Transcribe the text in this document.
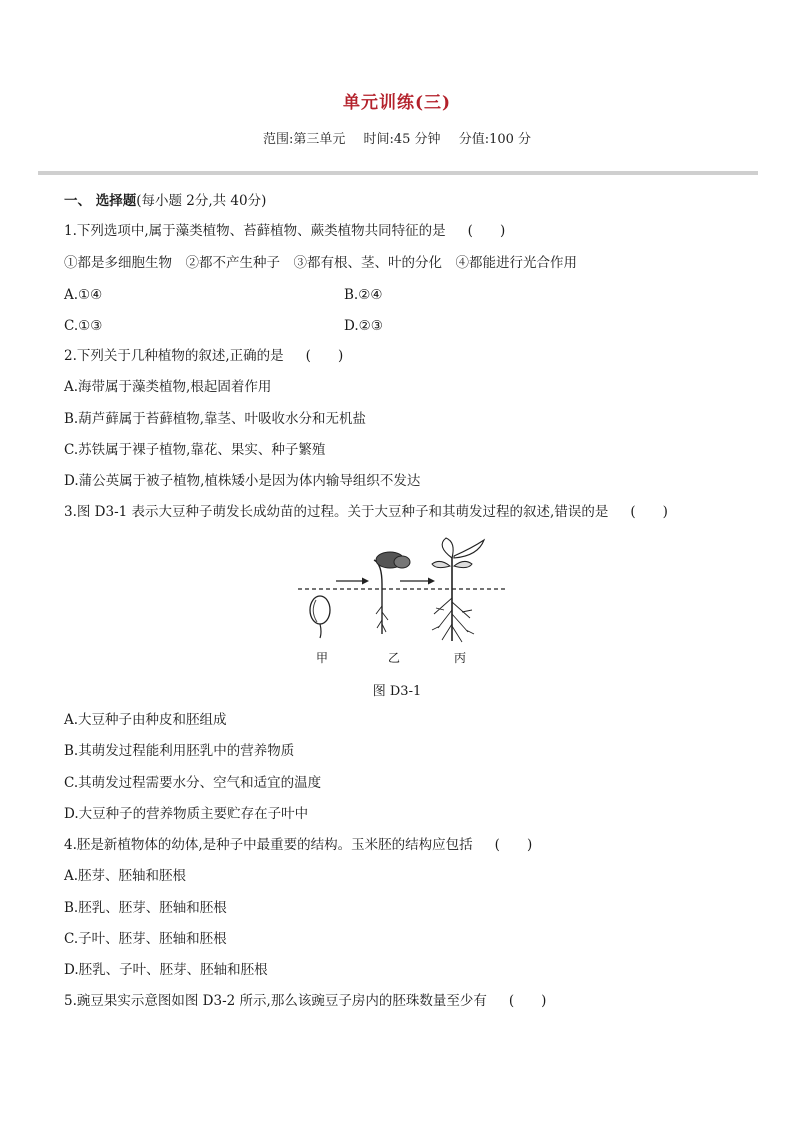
单元训练(三)
范围:第三单元 时间:45 分钟 分值:100 分
一、 选择题(每小题 2分,共 40分)
1.下列选项中,属于藻类植物、苔藓植物、蕨类植物共同特征的是 (　　)
①都是多细胞生物　②都不产生种子　③都有根、茎、叶的分化　④都能进行光合作用
A.①④	B.②④
C.①③	D.②③
2.下列关于几种植物的叙述,正确的是 (　　)
A.海带属于藻类植物,根起固着作用
B.葫芦藓属于苔藓植物,靠茎、叶吸收水分和无机盐
C.苏铁属于裸子植物,靠花、果实、种子繁殖
D.蒲公英属于被子植物,植株矮小是因为体内输导组织不发达
3.图 D3-1 表示大豆种子萌发长成幼苗的过程。关于大豆种子和其萌发过程的叙述,错误的是 (　　)
甲	乙	丙
图 D3-1
A.大豆种子由种皮和胚组成
B.其萌发过程能利用胚乳中的营养物质
C.其萌发过程需要水分、空气和适宜的温度
D.大豆种子的营养物质主要贮存在子叶中
4.胚是新植物体的幼体,是种子中最重要的结构。玉米胚的结构应包括 (　　)
A.胚芽、胚轴和胚根
B.胚乳、胚芽、胚轴和胚根
C.子叶、胚芽、胚轴和胚根
D.胚乳、子叶、胚芽、胚轴和胚根
5.豌豆果实示意图如图 D3-2 所示,那么该豌豆子房内的胚珠数量至少有 (　　)
